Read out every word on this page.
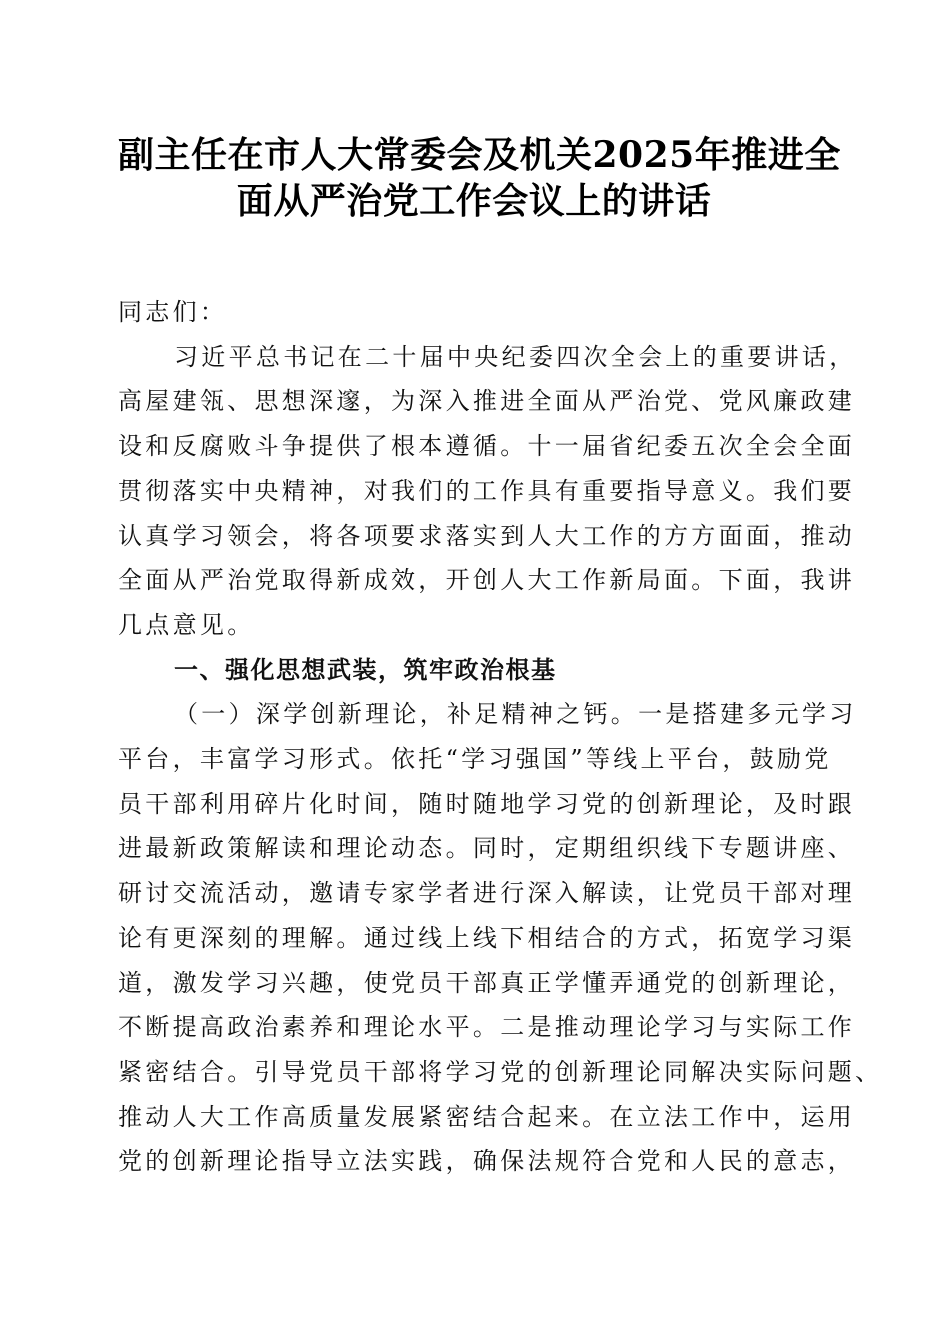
副主任在市人大常委会及机关2025年推进全
面从严治党工作会议上的讲话
同志们：
习近平总书记在二十届中央纪委四次全会上的重要讲话，
高屋建瓴、思想深邃，为深入推进全面从严治党、党风廉政建
设和反腐败斗争提供了根本遵循。十一届省纪委五次全会全面
贯彻落实中央精神，对我们的工作具有重要指导意义。我们要
认真学习领会，将各项要求落实到人大工作的方方面面，推动
全面从严治党取得新成效，开创人大工作新局面。下面，我讲
几点意见。
一、强化思想武装，筑牢政治根基
（一）深学创新理论，补足精神之钙。一是搭建多元学习
平台，丰富学习形式。依托“学习强国”等线上平台，鼓励党
员干部利用碎片化时间，随时随地学习党的创新理论，及时跟
进最新政策解读和理论动态。同时，定期组织线下专题讲座、
研讨交流活动，邀请专家学者进行深入解读，让党员干部对理
论有更深刻的理解。通过线上线下相结合的方式，拓宽学习渠
道，激发学习兴趣，使党员干部真正学懂弄通党的创新理论，
不断提高政治素养和理论水平。二是推动理论学习与实际工作
紧密结合。引导党员干部将学习党的创新理论同解决实际问题、
推动人大工作高质量发展紧密结合起来。在立法工作中，运用
党的创新理论指导立法实践，确保法规符合党和人民的意志，
